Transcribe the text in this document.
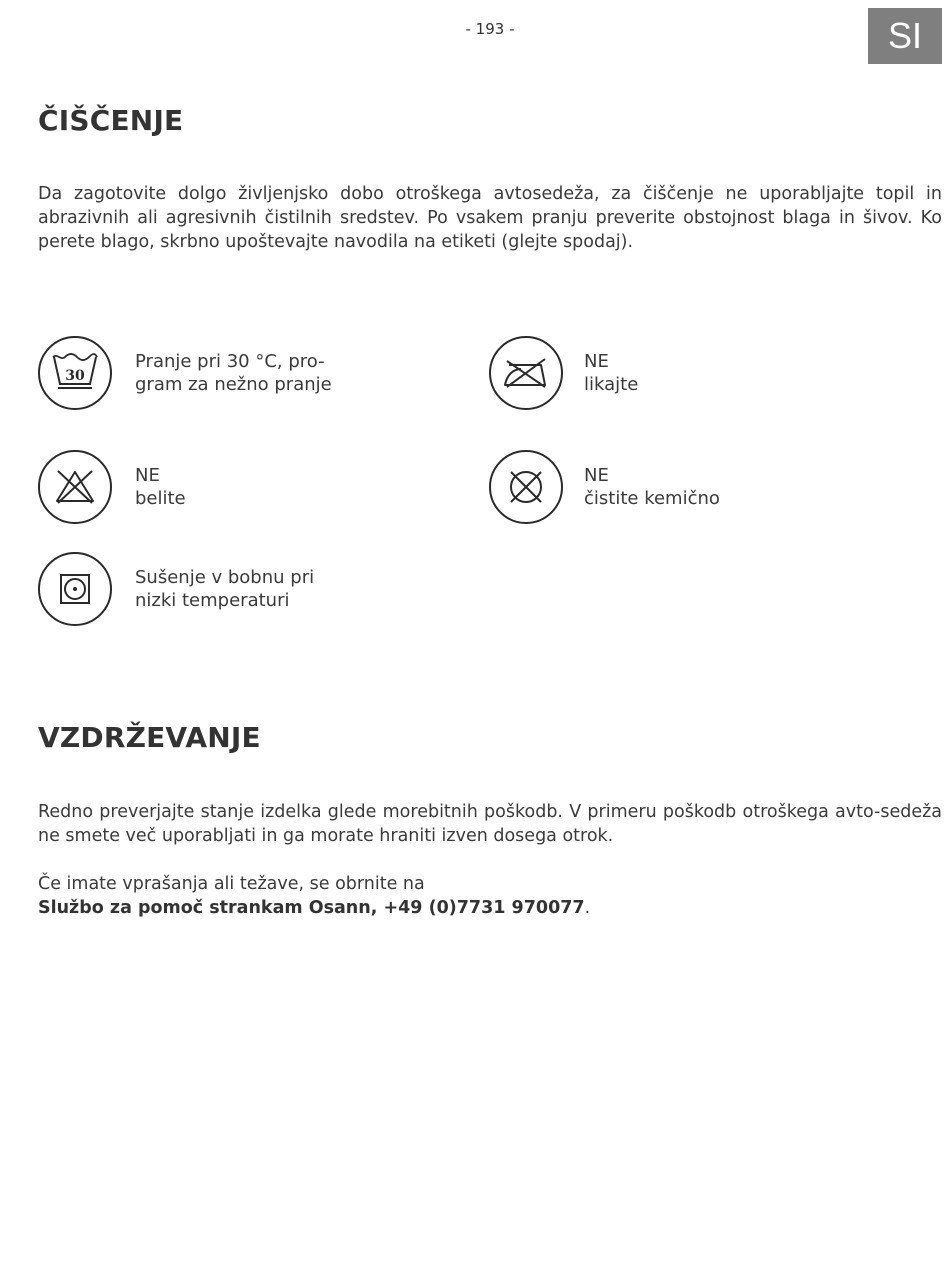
- 193 -	SI
ČIŠČENJE

Da zagotovite dolgo življenjsko dobo otroškega avtosedeža, za čiščenje ne uporabljajte topil in abrazivnih ali agresivnih čistilnih sredstev. Po vsakem pranju preverite obstojnost blaga in šivov. Ko perete blago, skrbno upoštevajte navodila na etiketi (glejte spodaj).

30
Pranje pri 30 °C, pro-
gram za nežno pranje
NE
likajte
NE
belite
NE
čistite kemično
Sušenje v bobnu pri
nizki temperaturi
VZDRŽEVANJE

Redno preverjajte stanje izdelka glede morebitnih poškodb. V primeru poškodb otroškega avto-sedeža ne smete več uporabljati in ga morate hraniti izven dosega otrok.

Če imate vprašanja ali težave, se obrnite na
Službo za pomoč strankam Osann, +49 (0)7731 970077.
